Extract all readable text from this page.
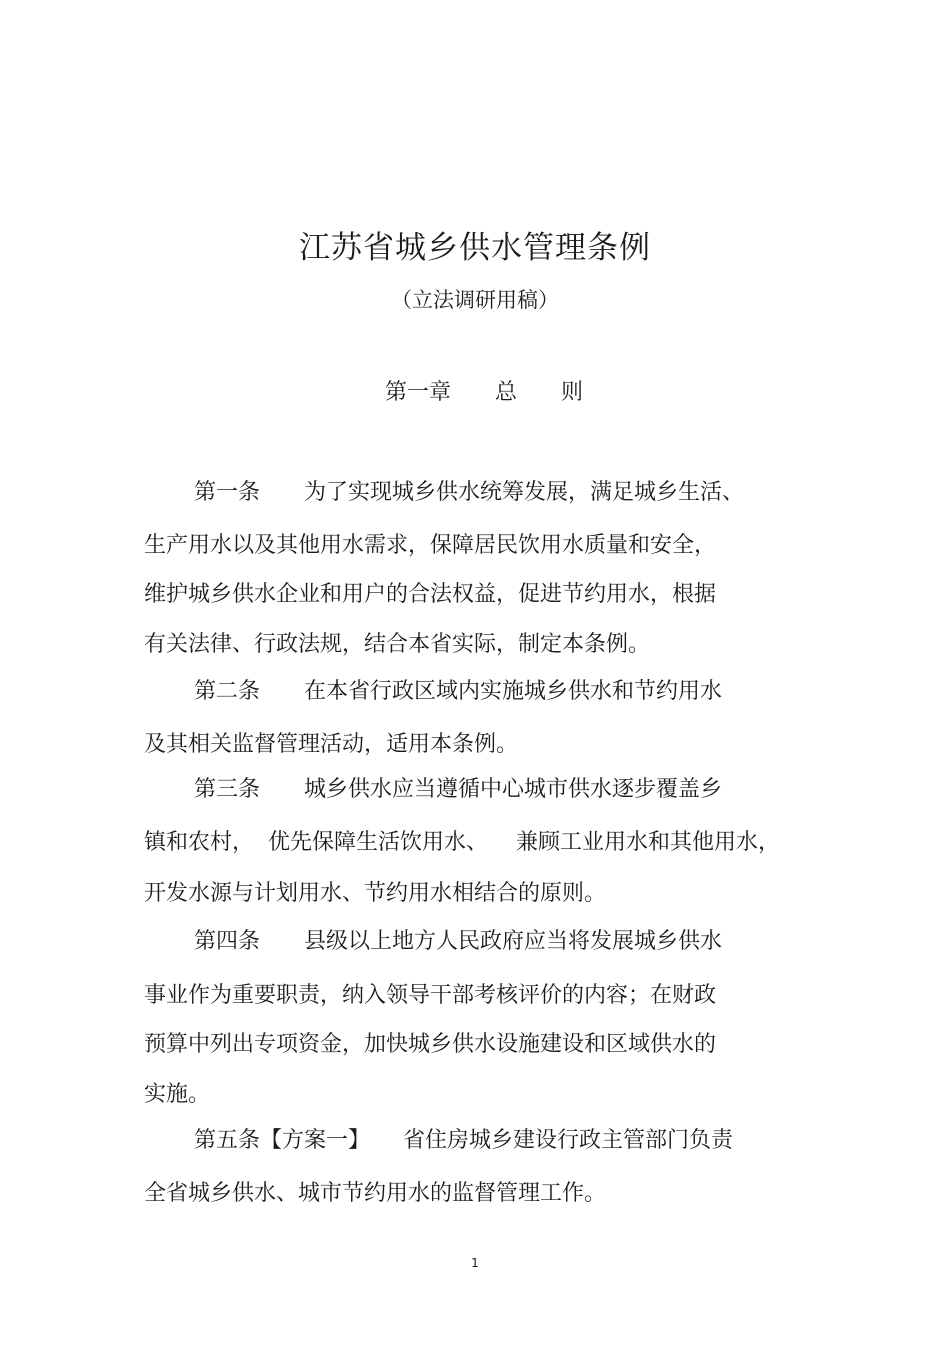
江苏省城乡供水管理条例
（立法调研用稿）
第一章　　总　　则
第一条　　为了实现城乡供水统筹发展，满足城乡生活、
生产用水以及其他用水需求，保障居民饮用水质量和安全，
维护城乡供水企业和用户的合法权益，促进节约用水，根据
有关法律、行政法规，结合本省实际，制定本条例。
第二条　　在本省行政区域内实施城乡供水和节约用水
及其相关监督管理活动，适用本条例。
第三条　　城乡供水应当遵循中心城市供水逐步覆盖乡
镇和农村，  优先保障生活饮用水、    兼顾工业用水和其他用水，
开发水源与计划用水、节约用水相结合的原则。
第四条　　县级以上地方人民政府应当将发展城乡供水
事业作为重要职责，纳入领导干部考核评价的内容；在财政
预算中列出专项资金，加快城乡供水设施建设和区域供水的
实施。
第五条【方案一】　　省住房城乡建设行政主管部门负责
全省城乡供水、城市节约用水的监督管理工作。
1
